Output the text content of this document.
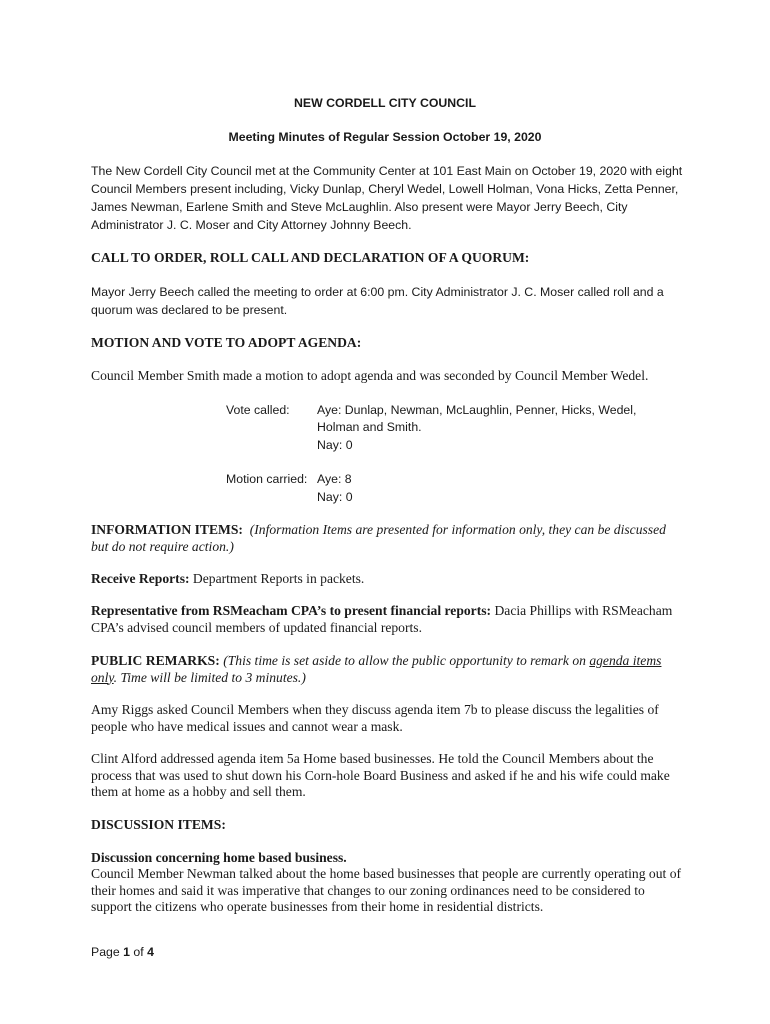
NEW CORDELL CITY COUNCIL
Meeting Minutes of Regular Session October 19, 2020

The New Cordell City Council met at the Community Center at 101 East Main on October 19, 2020 with eight Council Members present including, Vicky Dunlap, Cheryl Wedel, Lowell Holman, Vona Hicks, Zetta Penner, James Newman, Earlene Smith and Steve McLaughlin. Also present were Mayor Jerry Beech, City Administrator J. C. Moser and City Attorney Johnny Beech.

CALL TO ORDER, ROLL CALL AND DECLARATION OF A QUORUM:

Mayor Jerry Beech called the meeting to order at 6:00 pm. City Administrator J. C. Moser called roll and a quorum was declared to be present.

MOTION AND VOTE TO ADOPT AGENDA:

Council Member Smith made a motion to adopt agenda and was seconded by Council Member Wedel.

Vote called: Aye: Dunlap, Newman, McLaughlin, Penner, Hicks, Wedel,
Holman and Smith.
Nay: 0
Motion carried: Aye: 8
Nay: 0

INFORMATION ITEMS: (Information Items are presented for information only, they can be discussed but do not require action.)

Receive Reports: Department Reports in packets.

Representative from RSMeacham CPA’s to present financial reports: Dacia Phillips with RSMeacham CPA’s advised council members of updated financial reports.

PUBLIC REMARKS: (This time is set aside to allow the public opportunity to remark on agenda items only. Time will be limited to 3 minutes.)

Amy Riggs asked Council Members when they discuss agenda item 7b to please discuss the legalities of people who have medical issues and cannot wear a mask.

Clint Alford addressed agenda item 5a Home based businesses. He told the Council Members about the process that was used to shut down his Corn-hole Board Business and asked if he and his wife could make them at home as a hobby and sell them.

DISCUSSION ITEMS:
Discussion concerning home based business.

Council Member Newman talked about the home based businesses that people are currently operating out of their homes and said it was imperative that changes to our zoning ordinances need to be considered to support the citizens who operate businesses from their home in residential districts.

Page 1 of 4
